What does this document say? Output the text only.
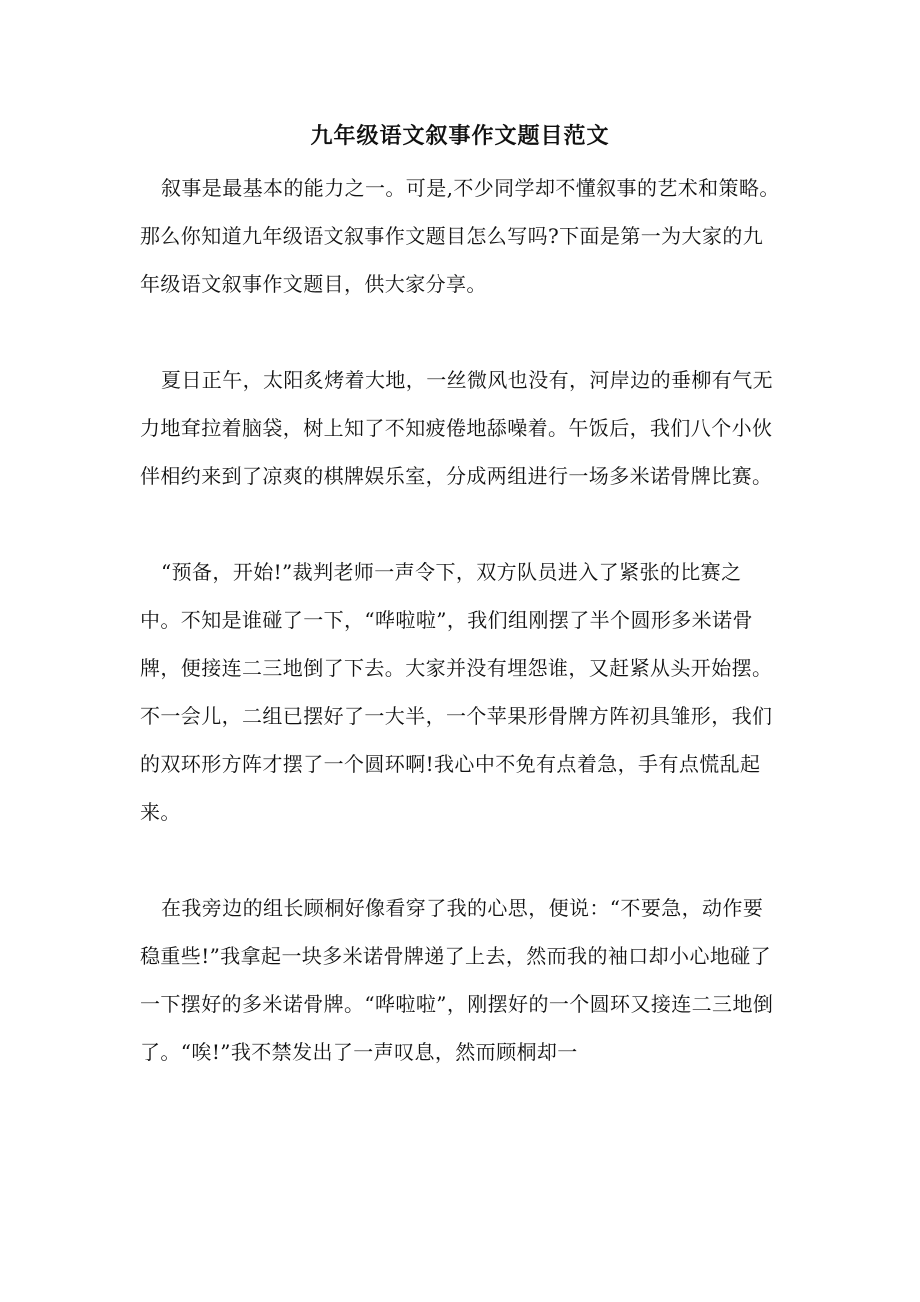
九年级语文叙事作文题目范文

叙事是最基本的能力之一。可是,不少同学却不懂叙事的艺术和策略。那么你知道九年级语文叙事作文题目怎么写吗?下面是第一为大家的九年级语文叙事作文题目，供大家分享。

夏日正午，太阳炙烤着大地，一丝微风也没有，河岸边的垂柳有气无力地耷拉着脑袋，树上知了不知疲倦地舔噪着。午饭后，我们八个小伙伴相约来到了凉爽的棋牌娱乐室，分成两组进行一场多米诺骨牌比赛。

“预备，开始!”裁判老师一声令下，双方队员进入了紧张的比赛之中。不知是谁碰了一下，“哗啦啦”，我们组刚摆了半个圆形多米诺骨牌，便接连二三地倒了下去。大家并没有埋怨谁，又赶紧从头开始摆。不一会儿，二组已摆好了一大半，一个苹果形骨牌方阵初具雏形，我们的双环形方阵才摆了一个圆环啊!我心中不免有点着急，手有点慌乱起来。

在我旁边的组长顾桐好像看穿了我的心思，便说：“不要急，动作要稳重些!”我拿起一块多米诺骨牌递了上去，然而我的袖口却小心地碰了一下摆好的多米诺骨牌。“哗啦啦”，刚摆好的一个圆环又接连二三地倒了。“唉!”我不禁发出了一声叹息，然而顾桐却一
